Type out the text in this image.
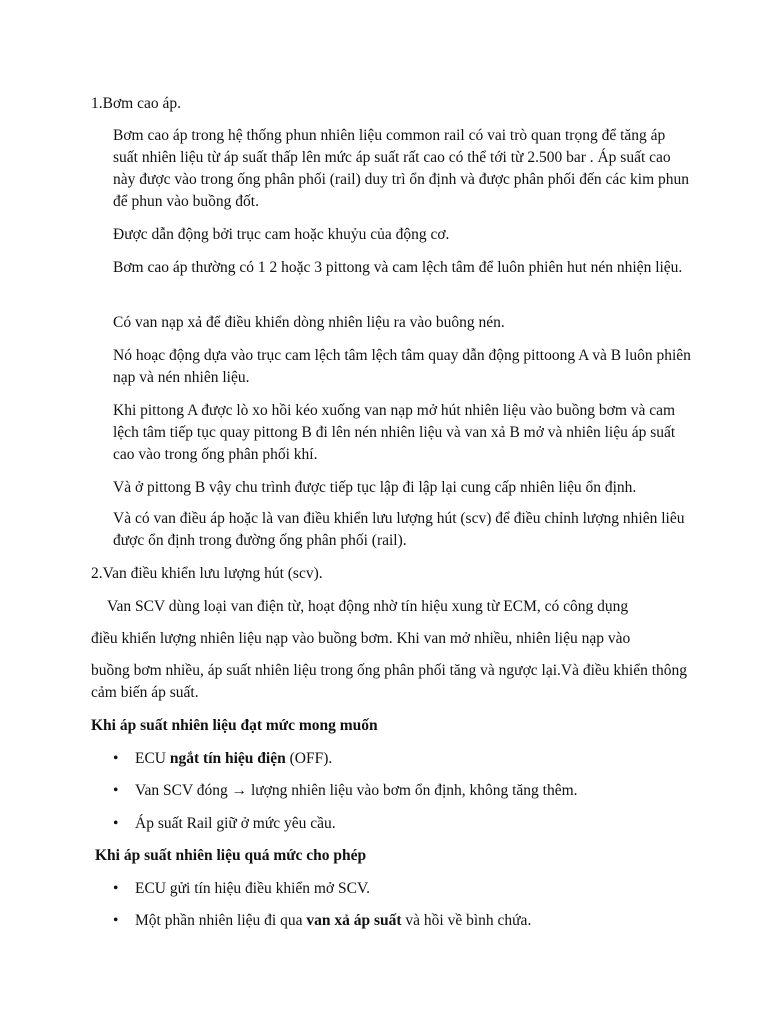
1.Bơm cao áp.

Bơm cao áp trong hệ thống phun nhiên liệu common rail có vai trò quan trọng để tăng áp suất nhiên liệu từ áp suất thấp lên mức áp suất rất cao có thể tới từ 2.500 bar . Áp suất cao này được vào trong ống phân phối (rail) duy trì ổn định và được phân phối đến các kim phun để phun vào buồng đốt.

Được dẫn động bởi trục cam hoặc khuỷu của động cơ.

Bơm cao áp thường có 1 2 hoặc 3 pittong và cam lệch tâm để luôn phiên hut nén nhiện liệu.

Có van nạp xả để điều khiển dòng nhiên liệu ra vào buông nén.

Nó hoạc động dựa vào trục cam lệch tâm lệch tâm quay dẫn động pittoong A và B luôn phiên nạp và nén nhiên liệu.

Khi pittong A được lò xo hồi kéo xuống van nạp mở hút nhiên liệu vào buồng bơm và cam lệch tâm tiếp tục quay pittong B đi lên nén nhiên liệu và van xả B mở và nhiên liệu áp suất cao vào trong ống phân phối khí.

Và ở pittong B vậy chu trình được tiếp tục lập đi lập lại cung cấp nhiên liệu ổn định.

Và có van điều áp hoặc là van điều khiển lưu lượng hút (scv) để điều chỉnh lượng nhiên liêu được ổn định trong đường ống phân phối (rail).

2.Van điều khiển lưu lượng hút (scv).

Van SCV dùng loại van điện từ, hoạt động nhờ tín hiệu xung từ ECM, có công dụng

điều khiển lượng nhiên liệu nạp vào buồng bơm. Khi van mở nhiều, nhiên liệu nạp vào

buồng bơm nhiều, áp suất nhiên liệu trong ống phân phối tăng và ngược lại.Và điều khiển thông cảm biến áp suất.

Khi áp suất nhiên liệu đạt mức mong muốn

• ECU ngắt tín hiệu điện (OFF).
• Van SCV đóng → lượng nhiên liệu vào bơm ổn định, không tăng thêm.
• Áp suất Rail giữ ở mức yêu cầu.

Khi áp suất nhiên liệu quá mức cho phép

• ECU gửi tín hiệu điều khiển mở SCV.
• Một phần nhiên liệu đi qua van xả áp suất và hồi về bình chứa.
